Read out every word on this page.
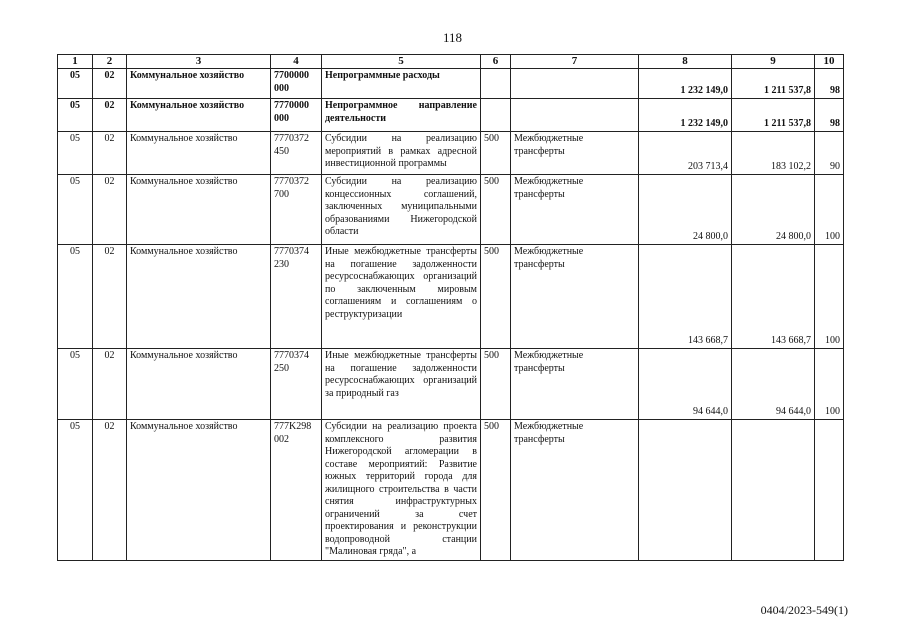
118
1	2	3	4	5	6	7	8	9	10
05	02	Коммунальное хозяйство	7700000 000	Непрограммные расходы			1 232 149,0	1 211 537,8	98
05	02	Коммунальное хозяйство	7770000 000	Непрограммное направление деятельности			1 232 149,0	1 211 537,8	98
05	02	Коммунальное хозяйство	7770372 450	Субсидии на реализацию мероприятий в рамках адресной инвестиционной программы	500	Межбюджетные трансферты	203 713,4	183 102,2	90
05	02	Коммунальное хозяйство	7770372 700	Субсидии на реализацию концессионных соглашений, заключенных муниципальными образованиями Нижегородской области	500	Межбюджетные трансферты	24 800,0	24 800,0	100
05	02	Коммунальное хозяйство	7770374 230	Иные межбюджетные трансферты на погашение задолженности ресурсоснабжающих организаций по заключенным мировым соглашениям и соглашениям о реструктуризации	500	Межбюджетные трансферты	143 668,7	143 668,7	100
05	02	Коммунальное хозяйство	7770374 250	Иные межбюджетные трансферты на погашение задолженности ресурсоснабжающих организаций за природный газ	500	Межбюджетные трансферты	94 644,0	94 644,0	100
05	02	Коммунальное хозяйство	777K298 002	Субсидии на реализацию проекта комплексного развития Нижегородской агломерации в составе мероприятий: Развитие южных территорий города для жилищного строительства в части снятия инфраструктурных ограничений за счет проектирования и реконструкции водопроводной станции "Малиновая гряда", а	500	Межбюджетные трансферты			
0404/2023-549(1)
